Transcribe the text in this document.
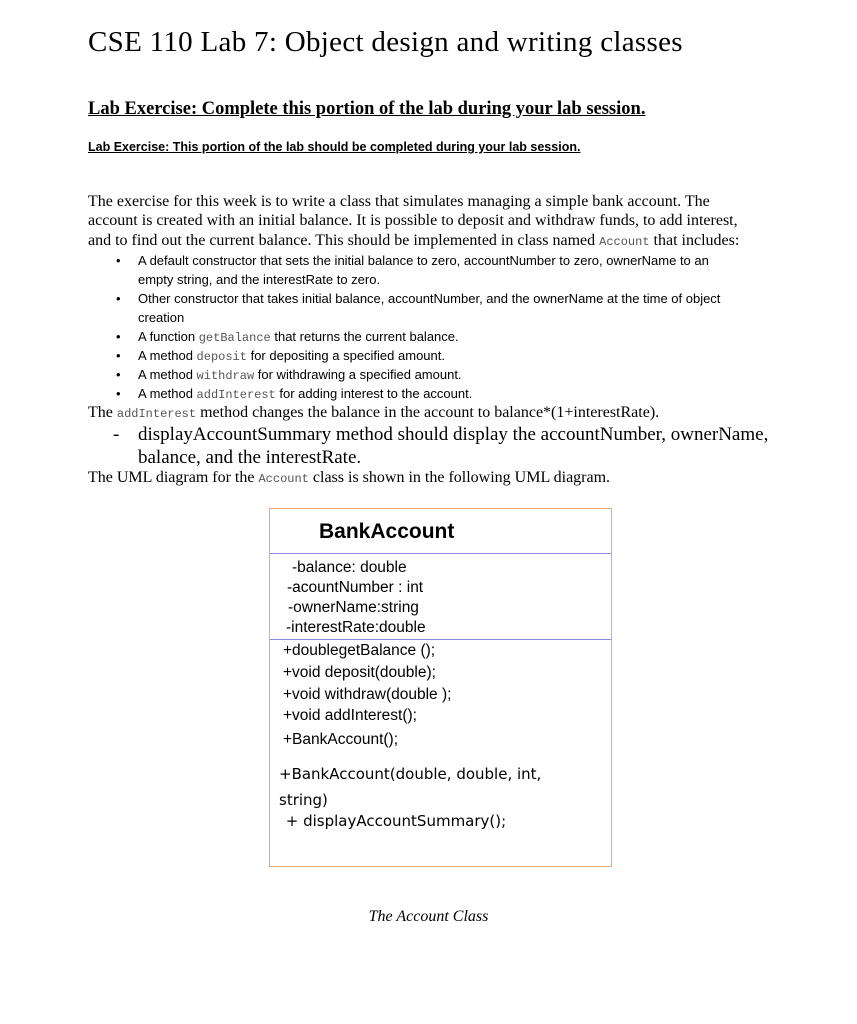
CSE 110 Lab 7: Object design and writing classes
Lab Exercise: Complete this portion of the lab during your lab session.
Lab Exercise: This portion of the lab should be completed during your lab session.
The exercise for this week is to write a class that simulates managing a simple bank account. The
account is created with an initial balance. It is possible to deposit and withdraw funds, to add interest,
and to find out the current balance. This should be implemented in class named Account that includes:
• A default constructor that sets the initial balance to zero, accountNumber to zero, ownerName to an
empty string, and the interestRate to zero.
• Other constructor that takes initial balance, accountNumber, and the ownerName at the time of object
creation
• A function getBalance that returns the current balance.
• A method deposit for depositing a specified amount.
• A method withdraw for withdrawing a specified amount.
• A method addInterest for adding interest to the account.
The addInterest method changes the balance in the account to balance*(1+interestRate).
- displayAccountSummary method should display the accountNumber, ownerName,
balance, and the interestRate.
The UML diagram for the Account class is shown in the following UML diagram.
BankAccount
-balance: double
-acountNumber : int
-ownerName:string
-interestRate:double
+doublegetBalance ();
+void deposit(double);
+void withdraw(double );
+void addInterest();
+BankAccount();
+BankAccount(double, double, int,
string)
+ displayAccountSummary();
The Account Class
